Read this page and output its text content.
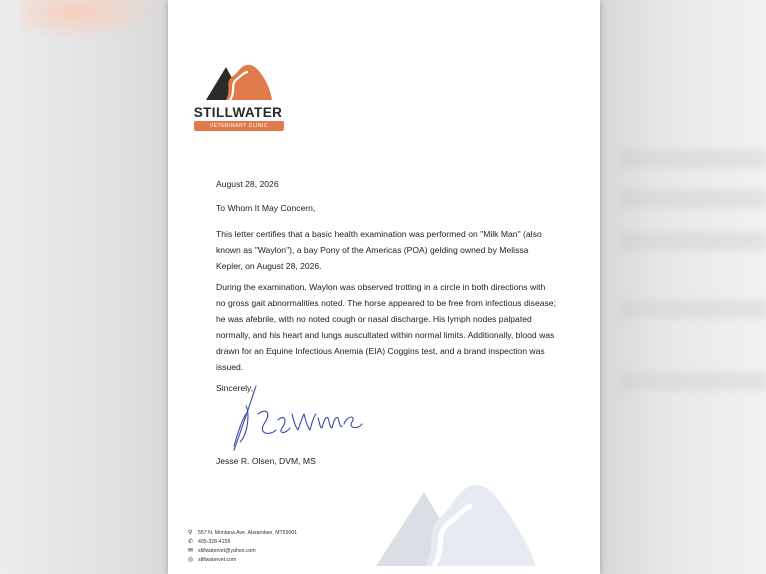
STILLWATER
VETERINARY CLINIC
August 28, 2026
To Whom It May Concern,
This letter certifies that a basic health examination was performed on "Milk Man" (also known as "Waylon"), a bay Pony of the Americas (POA) gelding owned by Melissa Kepler, on August 28, 2026.
During the examination, Waylon was observed trotting in a circle in both directions with no gross gait abnormalities noted. The horse appeared to be free from infectious disease; he was afebrile, with no noted cough or nasal discharge. His lymph nodes palpated normally, and his heart and lungs auscultated within normal limits. Additionally, blood was drawn for an Equine Infectious Anemia (EIA) Coggins test, and a brand inspection was issued.
Sincerely,
Jesse R. Olsen, DVM, MS
⚲	557 N. Montana Ave. Absarokee, MT59001
✆ 405-328-4159
✉ stillwatervet@yahoo.com
◎ stillwatervet.com
